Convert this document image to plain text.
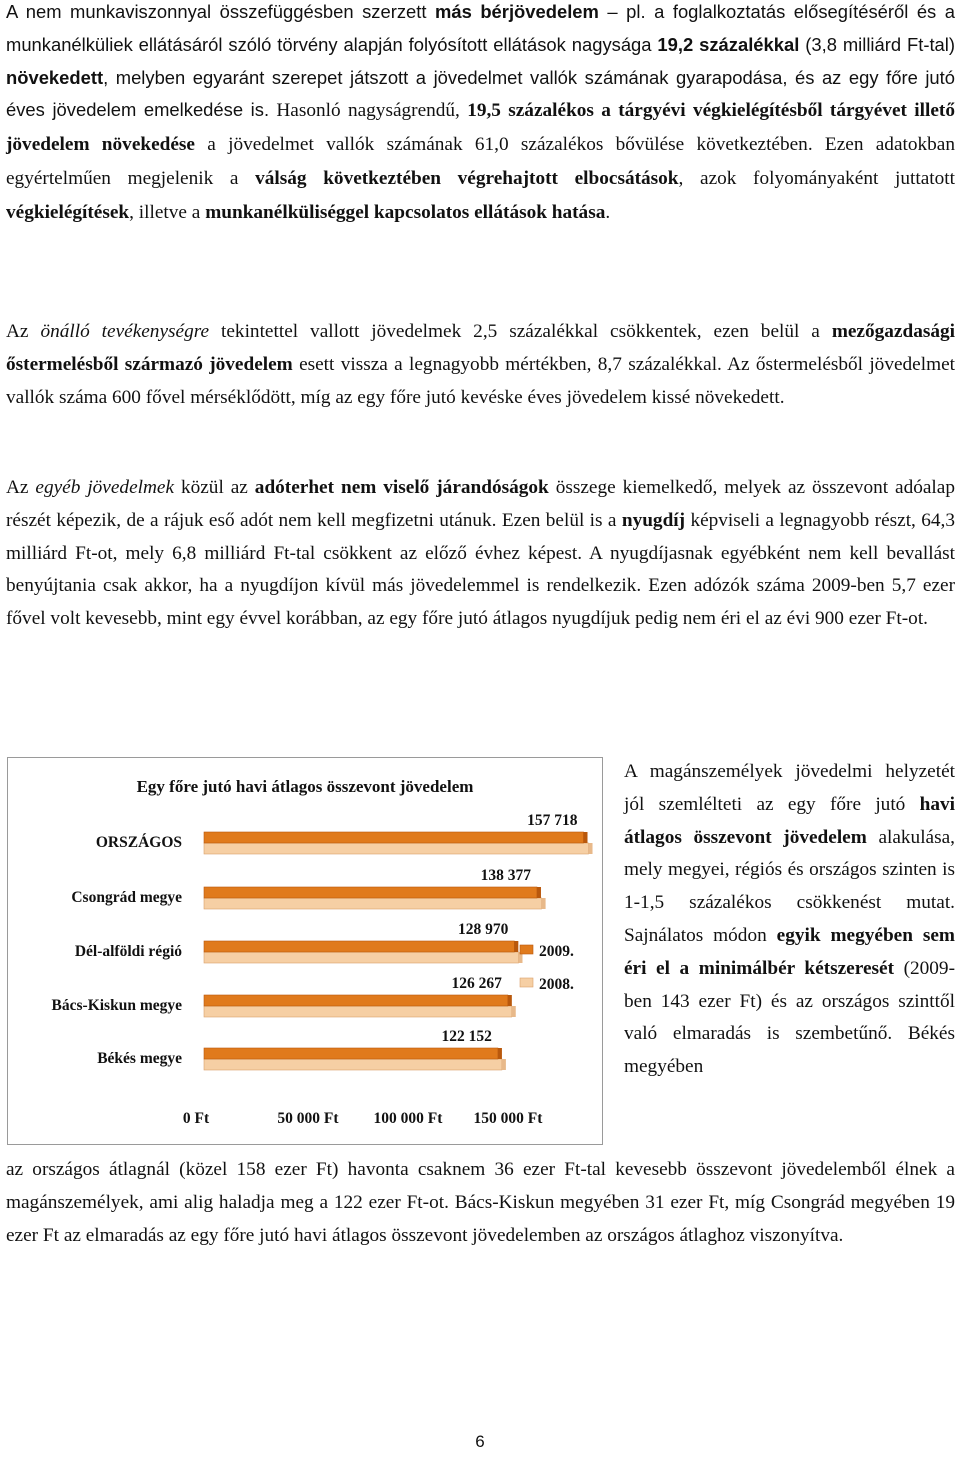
A nem munkaviszonnyal összefüggésben szerzett más bérjövedelem – pl. a foglalkoztatás elősegítéséről és a munkanélküliek ellátásáról szóló törvény alapján folyósított ellátások nagysága 19,2 százalékkal (3,8 milliárd Ft-tal) növekedett, melyben egyaránt szerepet játszott a jövedelmet vallók számának gyarapodása, és az egy főre jutó éves jövedelem emelkedése is. Hasonló nagyságrendű, 19,5 százalékos a tárgyévi végkielégítésből tárgyévet illető jövedelem növekedése a jövedelmet vallók számának 61,0 százalékos bővülése következtében. Ezen adatokban egyértelműen megjelenik a válság következtében végrehajtott elbocsátások, azok folyományaként juttatott végkielégítések, illetve a munkanélküliséggel kapcsolatos ellátások hatása.
Az önálló tevékenységre tekintettel vallott jövedelmek 2,5 százalékkal csökkentek, ezen belül a mezőgazdasági őstermelésből származó jövedelem esett vissza a legnagyobb mértékben, 8,7 százalékkal. Az őstermelésből jövedelmet vallók száma 600 fővel mérséklődött, míg az egy főre jutó kevéske éves jövedelem kissé növekedett.
Az egyéb jövedelmek közül az adóterhet nem viselő járandóságok összege kiemelkedő, melyek az összevont adóalap részét képezik, de a rájuk eső adót nem kell megfizetni utánuk. Ezen belül is a nyugdíj képviseli a legnagyobb részt, 64,3 milliárd Ft-ot, mely 6,8 milliárd Ft-tal csökkent az előző évhez képest. A nyugdíjasnak egyébként nem kell bevallást benyújtania csak akkor, ha a nyugdíjon kívül más jövedelemmel is rendelkezik. Ezen adózók száma 2009-ben 5,7 ezer fővel volt kevesebb, mint egy évvel korábban, az egy főre jutó átlagos nyugdíjuk pedig nem éri el az évi 900 ezer Ft-ot.
Egy főre jutó havi átlagos összevont jövedelem
ORSZÁGOS
157 718
Csongrád megye
138 377
Dél-alföldi régió
128 970
Bács-Kiskun megye
126 267
Békés megye
122 152
0 Ft	50 000 Ft 100 000 Ft 150 000 Ft
2009.
2008.
A magánszemélyek jövedelmi helyzetét jól szemlélteti az egy főre jutó havi átlagos összevont jövedelem alakulása, mely megyei, régiós és országos szinten is 1-1,5 százalékos csökkenést mutat. Sajnálatos módon egyik megyében sem éri el a minimálbér kétszeresét (2009-ben 143 ezer Ft) és az országos szinttől való elmaradás is szembetűnő. Békés megyében
az országos átlagnál (közel 158 ezer Ft) havonta csaknem 36 ezer Ft-tal kevesebb összevont jövedelemből élnek a magánszemélyek, ami alig haladja meg a 122 ezer Ft-ot. Bács-Kiskun megyében 31 ezer Ft, míg Csongrád megyében 19 ezer Ft az elmaradás az egy főre jutó havi átlagos összevont jövedelemben az országos átlaghoz viszonyítva.
6
